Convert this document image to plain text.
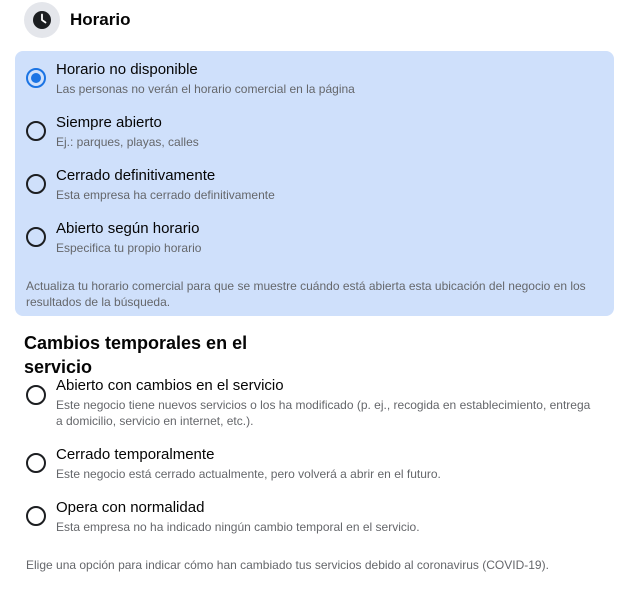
Horario
Horario no disponible
Las personas no verán el horario comercial en la página
Siempre abierto
Ej.: parques, playas, calles
Cerrado definitivamente
Esta empresa ha cerrado definitivamente
Abierto según horario
Especifica tu propio horario
Actualiza tu horario comercial para que se muestre cuándo está abierta esta ubicación del negocio en los resultados de la búsqueda.
Cambios temporales en el servicio
Abierto con cambios en el servicio
Este negocio tiene nuevos servicios o los ha modificado (p. ej., recogida en establecimiento, entrega a domicilio, servicio en internet, etc.).
Cerrado temporalmente
Este negocio está cerrado actualmente, pero volverá a abrir en el futuro.
Opera con normalidad
Esta empresa no ha indicado ningún cambio temporal en el servicio.
Elige una opción para indicar cómo han cambiado tus servicios debido al coronavirus (COVID-19).
